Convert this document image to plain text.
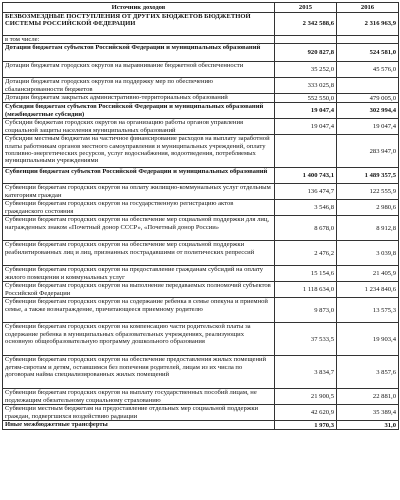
Источник доходов	2015	2016
БЕЗВОЗМЕЗДНЫЕ ПОСТУПЛЕНИЯ ОТ ДРУГИХ БЮДЖЕТОВ БЮДЖЕТНОЙ СИСТЕМЫ РОССИЙСКОЙ ФЕДЕРАЦИИ	2 342 588,6	2 316 963,9
в том числе:		
Дотации бюджетам субъектов Российской Федерации и муниципальных образований	920 827,8	524 581,0
Дотации бюджетам городских округов на выравнивание бюджетной обеспеченности	35 252,0	45 576,0
Дотации бюджетам городских округов на поддержку мер по обеспечению сбалансированности бюджетов	333 025,8	
Дотации бюджетам закрытых административно-территориальных образований	552 550,0	479 005,0
Субсидии бюджетам субъектов Российской Федерации и муниципальных образований (межбюджетные субсидии)	19 047,4	302 994,4
Субсидии бюджетам городских округов на организацию работы органов управления социальной защиты населения муниципальных образований	19 047,4	19 047,4
Субсидии местным бюджетам на частичное финансирование расходов на выплату заработной платы работникам органов местного самоуправления и муниципальных учреждений, оплату топливно-энергетических ресурсов, услуг водоснабжения, водоотведения, потребляемых муниципальными учреждениями		283 947,0
Субвенции бюджетам субъектов Российской Федерации и муниципальных образований	1 400 743,1	1 489 357,5
Субвенции бюджетам городских округов на оплату жилищно-коммунальных услуг отдельным категориям граждан	136 474,7	122 555,9
Субвенции бюджетам городских округов на государственную регистрацию актов гражданского состояния	3 546,8	2 980,6
Субвенции бюджетам городских округов на обеспечение мер социальной поддержки для лиц, награжденных знаком «Почетный донор СССР», «Почетный донор России»	8 678,0	8 912,8
Субвенции бюджетам городских округов на обеспечение мер социальной поддержки реабилитированных лиц и лиц, признанных пострадавшими от политических репрессий	2 476,2	3 039,8
Субвенции бюджетам городских округов на предоставление гражданам субсидий на оплату жилого помещения и коммунальных услуг	15 154,6	21 405,9
Субвенции бюджетам городских округов на выполнение передаваемых полномочий субъектов Российской Федерации	1 118 634,0	1 234 840,6
Субвенции бюджетам городских округов на содержание ребенка в семье опекуна и приемной семье, а также вознаграждение, причитающееся приемному родителю	9 873,0	13 575,3
Субвенции бюджетам городских округов на компенсацию части родительской платы за содержание ребенка в муниципальных образовательных учреждениях, реализующих основную общеобразовательную программу дошкольного образования	37 533,5	19 903,4
Субвенции бюджетам городских округов на обеспечение предоставления жилых помещений детям-сиротам и детям, оставшимся без попечения родителей, лицам из их числа по договорам найма специализированных жилых помещений	3 834,7	3 857,6
Субвенции бюджетам городских округов на выплату государственных пособий лицам, не подлежащим обязательному социальному страхованию	21 900,5	22 881,0
Субвенции местным бюджетам на предоставление отдельных мер социальной поддержки граждан, подвергшихся воздействию радиации	42 620,9	35 389,4
Иные межбюджетные трансферты	1 970,3	31,0
